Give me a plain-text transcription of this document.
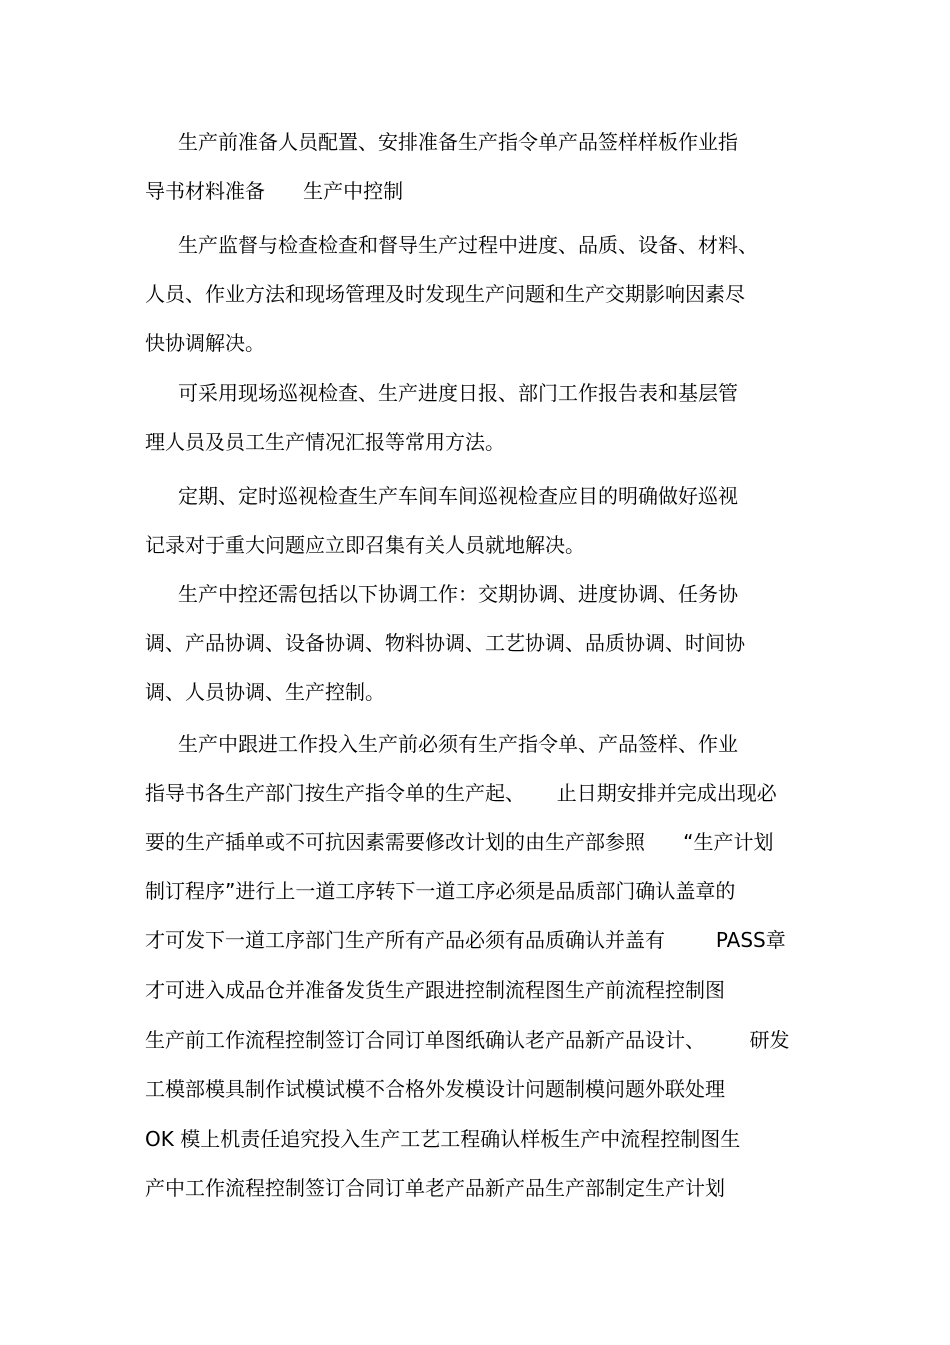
生产前准备人员配置、安排准备生产指令单产品签样样板作业指
导书材料准备      生产中控制
生产监督与检查检查和督导生产过程中进度、品质、设备、材料、
人员、作业方法和现场管理及时发现生产问题和生产交期影响因素尽
快协调解决。
可采用现场巡视检查、生产进度日报、部门工作报告表和基层管
理人员及员工生产情况汇报等常用方法。
定期、定时巡视检查生产车间车间巡视检查应目的明确做好巡视
记录对于重大问题应立即召集有关人员就地解决。
生产中控还需包括以下协调工作：交期协调、进度协调、任务协
调、产品协调、设备协调、物料协调、工艺协调、品质协调、时间协
调、人员协调、生产控制。
生产中跟进工作投入生产前必须有生产指令单、产品签样、作业
指导书各生产部门按生产指令单的生产起、     止日期安排并完成出现必
要的生产插单或不可抗因素需要修改计划的由生产部参照      “生产计划
制订程序”进行上一道工序转下一道工序必须是品质部门确认盖章的
才可发下一道工序部门生产所有产品必须有品质确认并盖有        PASS章
才可进入成品仓并准备发货生产跟进控制流程图生产前流程控制图
生产前工作流程控制签订合同订单图纸确认老产品新产品设计、       研发
工模部模具制作试模试模不合格外发模设计问题制模问题外联处理
OK 模上机责任追究投入生产工艺工程确认样板生产中流程控制图生
产中工作流程控制签订合同订单老产品新产品生产部制定生产计划
